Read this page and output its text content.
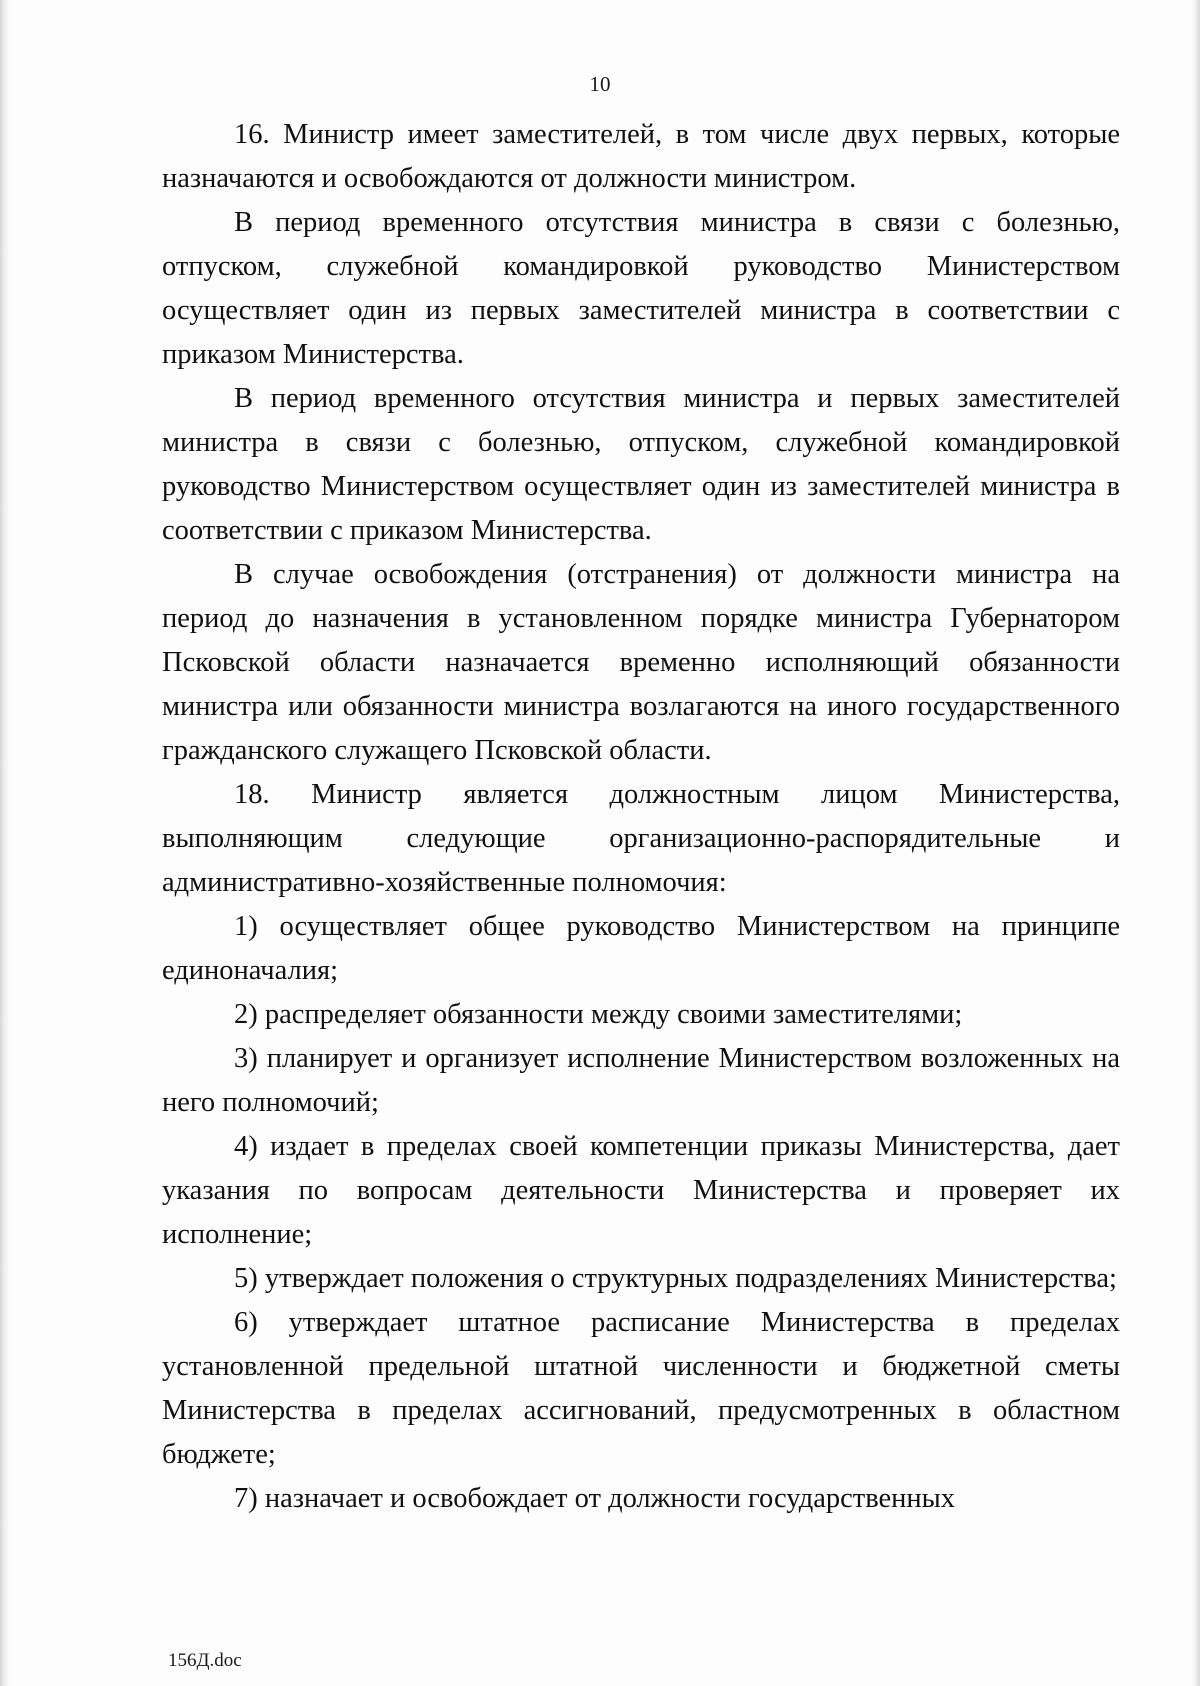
10

16. Министр имеет заместителей, в том числе двух первых, которые назначаются и освобождаются от должности министром.

В период временного отсутствия министра в связи с болезнью, отпуском, служебной командировкой руководство Министерством осуществляет один из первых заместителей министра в соответствии с приказом Министерства.

В период временного отсутствия министра и первых заместителей министра в связи с болезнью, отпуском, служебной командировкой руководство Министерством осуществляет один из заместителей министра в соответствии с приказом Министерства.

В случае освобождения (отстранения) от должности министра на период до назначения в установленном порядке министра Губернатором Псковской области назначается временно исполняющий обязанности министра или обязанности министра возлагаются на иного государственного гражданского служащего Псковской области.

18. Министр является должностным лицом Министерства, выполняющим следующие организационно-распорядительные и административно-хозяйственные полномочия:

1) осуществляет общее руководство Министерством на принципе единоначалия;

2) распределяет обязанности между своими заместителями;

3) планирует и организует исполнение Министерством возложенных на него полномочий;

4) издает в пределах своей компетенции приказы Министерства, дает указания по вопросам деятельности Министерства и проверяет их исполнение;

5) утверждает положения о структурных подразделениях Министерства;

6) утверждает штатное расписание Министерства в пределах установленной предельной штатной численности и бюджетной сметы Министерства в пределах ассигнований, предусмотренных в областном бюджете;

7) назначает и освобождает от должности государственных

156Д.doc
